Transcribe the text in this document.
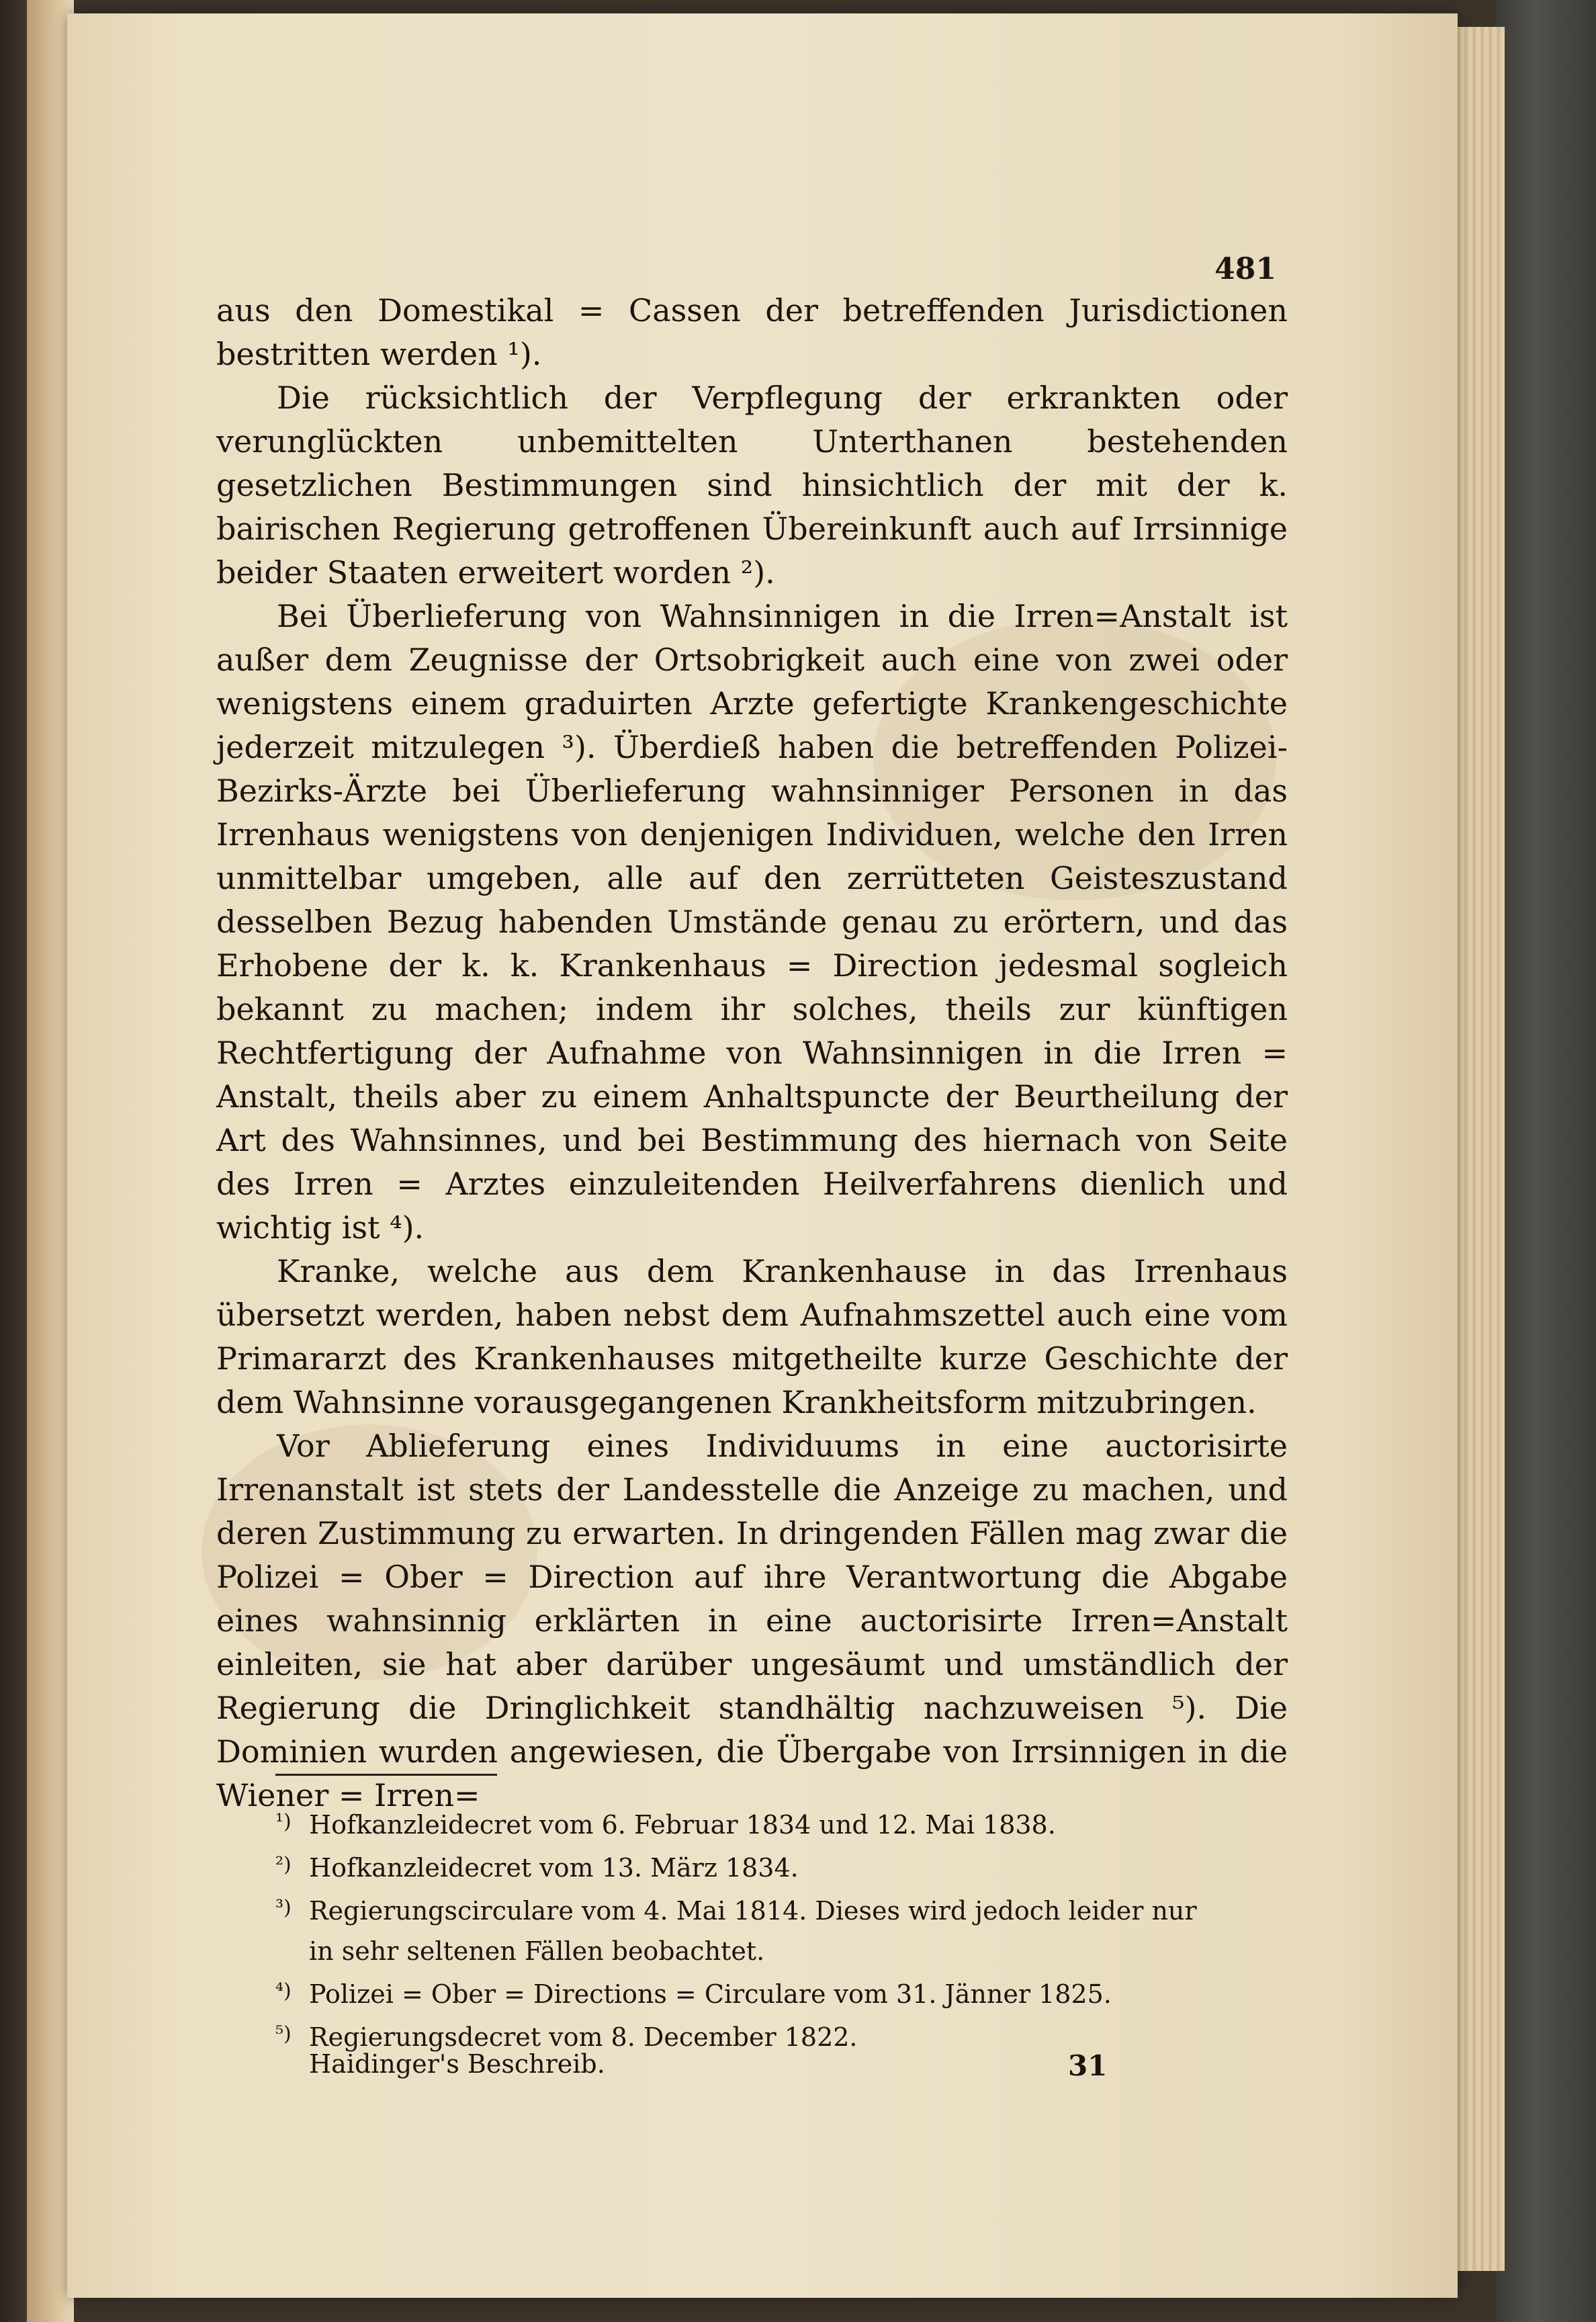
481

aus den Domestikal = Cassen der betreffenden Jurisdictionen bestritten werden ¹).

Die rücksichtlich der Verpflegung der erkrankten oder verunglückten unbemittelten Unterthanen bestehenden gesetzlichen Bestimmungen sind hinsichtlich der mit der k. bairischen Regierung getroffenen Übereinkunft auch auf Irrsinnige beider Staaten erweitert worden ²).

Bei Überlieferung von Wahnsinnigen in die Irren=Anstalt ist außer dem Zeugnisse der Ortsobrigkeit auch eine von zwei oder wenigstens einem graduirten Arzte gefertigte Krankengeschichte jederzeit mitzulegen ³). Überdieß haben die betreffenden Polizei-Bezirks-Ärzte bei Überlieferung wahnsinniger Personen in das Irrenhaus wenigstens von denjenigen Individuen, welche den Irren unmittelbar umgeben, alle auf den zerrütteten Geisteszustand desselben Bezug habenden Umstände genau zu erörtern, und das Erhobene der k. k. Krankenhaus = Direction jedesmal sogleich bekannt zu machen; indem ihr solches, theils zur künftigen Rechtfertigung der Aufnahme von Wahnsinnigen in die Irren = Anstalt, theils aber zu einem Anhaltspuncte der Beurtheilung der Art des Wahnsinnes, und bei Bestimmung des hiernach von Seite des Irren = Arztes einzuleitenden Heilverfahrens dienlich und wichtig ist ⁴).

Kranke, welche aus dem Krankenhause in das Irrenhaus übersetzt werden, haben nebst dem Aufnahmszettel auch eine vom Primararzt des Krankenhauses mitgetheilte kurze Geschichte der dem Wahnsinne vorausgegangenen Krankheitsform mitzubringen.

Vor Ablieferung eines Individuums in eine auctorisirte Irrenanstalt ist stets der Landesstelle die Anzeige zu machen, und deren Zustimmung zu erwarten. In dringenden Fällen mag zwar die Polizei = Ober = Direction auf ihre Verantwortung die Abgabe eines wahnsinnig erklärten in eine auctorisirte Irren=Anstalt einleiten, sie hat aber darüber ungesäumt und umständlich der Regierung die Dringlichkeit standhältig nachzuweisen ⁵). Die Dominien wurden angewiesen, die Übergabe von Irrsinnigen in die Wiener = Irren=

¹) Hofkanzleidecret vom 6. Februar 1834 und 12. Mai 1838.

²) Hofkanzleidecret vom 13. März 1834.

³) Regierungscirculare vom 4. Mai 1814. Dieses wird jedoch leider nur

in sehr seltenen Fällen beobachtet.

⁴) Polizei = Ober = Directions = Circulare vom 31. Jänner 1825.

⁵) Regierungsdecret vom 8. December 1822.

Haidinger's Beschreib.	31
